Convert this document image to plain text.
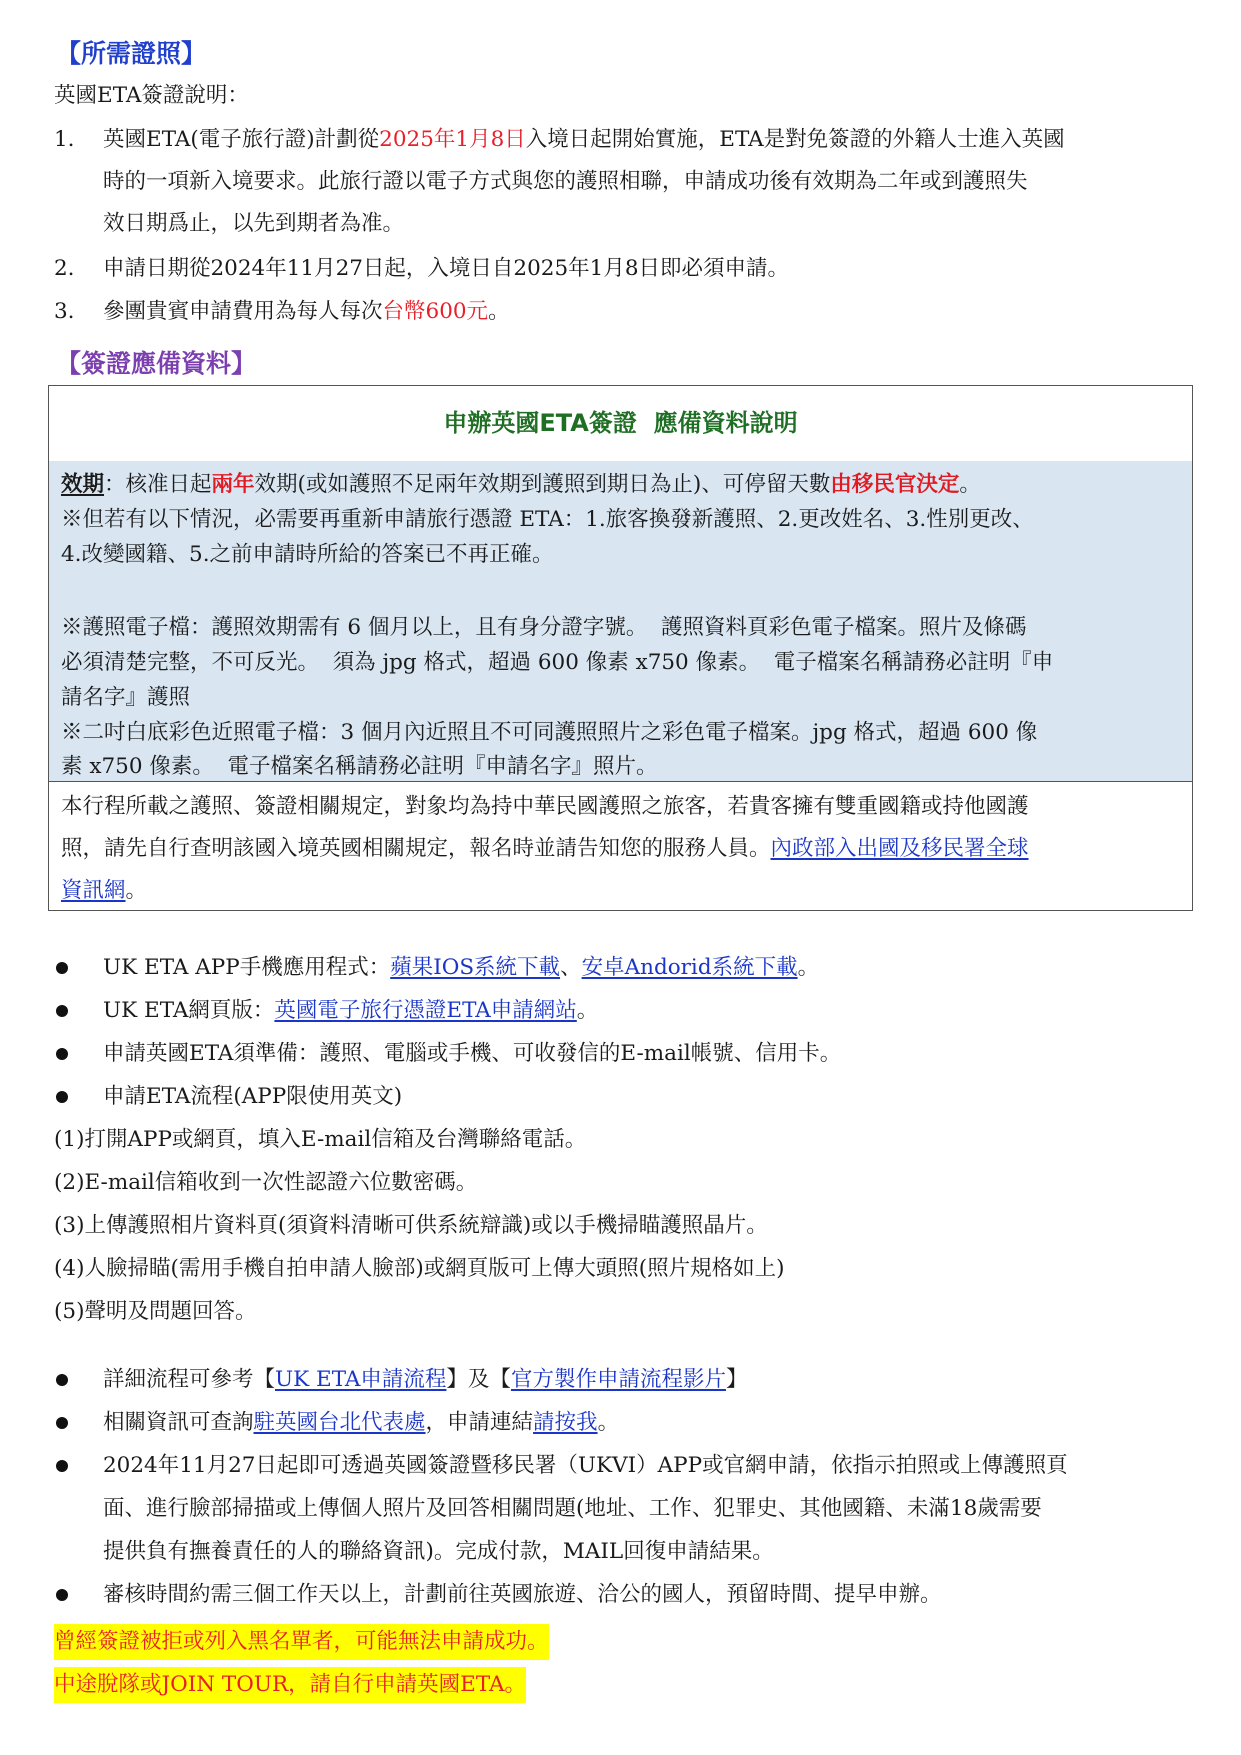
【所需證照】
英國ETA簽證說明：
1. 英國ETA(電子旅行證)計劃從2025年1月8日入境日起開始實施，ETA是對免簽證的外籍人士進入英國
時的一項新入境要求。此旅行證以電子方式與您的護照相聯，申請成功後有效期為二年或到護照失
效日期爲止，以先到期者為准。
2. 申請日期從2024年11月27日起，入境日自2025年1月8日即必須申請。
3. 參團貴賓申請費用為每人每次台幣600元。
【簽證應備資料】
申辦英國ETA簽證  應備資料說明
效期：核准日起兩年效期(或如護照不足兩年效期到護照到期日為止)、可停留天數由移民官決定。
※但若有以下情況，必需要再重新申請旅行憑證 ETA：1.旅客換發新護照、2.更改姓名、3.性別更改、
4.改變國籍、5.之前申請時所給的答案已不再正確。
※護照電子檔：護照效期需有 6 個月以上，且有身分證字號。  護照資料頁彩色電子檔案。照片及條碼
必須清楚完整，不可反光。  須為 jpg 格式，超過 600 像素 x750 像素。  電子檔案名稱請務必註明『申
請名字』護照
※二吋白底彩色近照電子檔：3 個月內近照且不可同護照照片之彩色電子檔案。jpg 格式，超過 600 像
素 x750 像素。  電子檔案名稱請務必註明『申請名字』照片。
本行程所載之護照、簽證相關規定，對象均為持中華民國護照之旅客，若貴客擁有雙重國籍或持他國護
照，請先自行查明該國入境英國相關規定，報名時並請告知您的服務人員。內政部入出國及移民署全球
資訊網。
UK ETA APP手機應用程式：蘋果IOS系統下載、安卓Andorid系統下載。
UK ETA網頁版：英國電子旅行憑證ETA申請網站。
申請英國ETA須準備：護照、電腦或手機、可收發信的E-mail帳號、信用卡。
申請ETA流程(APP限使用英文)
(1)打開APP或網頁，填入E-mail信箱及台灣聯絡電話。
(2)E-mail信箱收到一次性認證六位數密碼。
(3)上傳護照相片資料頁(須資料清晰可供系統辯識)或以手機掃瞄護照晶片。
(4)人臉掃瞄(需用手機自拍申請人臉部)或網頁版可上傳大頭照(照片規格如上)
(5)聲明及問題回答。
詳細流程可參考【UK ETA申請流程】及【官方製作申請流程影片】
相關資訊可查詢駐英國台北代表處，申請連結請按我。
2024年11月27日起即可透過英國簽證暨移民署（UKVI）APP或官網申請，依指示拍照或上傳護照頁
面、進行臉部掃描或上傳個人照片及回答相關問題(地址、工作、犯罪史、其他國籍、未滿18歲需要
提供負有撫養責任的人的聯絡資訊)。完成付款，MAIL回復申請結果。
審核時間約需三個工作天以上，計劃前往英國旅遊、洽公的國人，預留時間、提早申辦。
曾經簽證被拒或列入黑名單者，可能無法申請成功。
中途脫隊或JOIN TOUR，請自行申請英國ETA。
